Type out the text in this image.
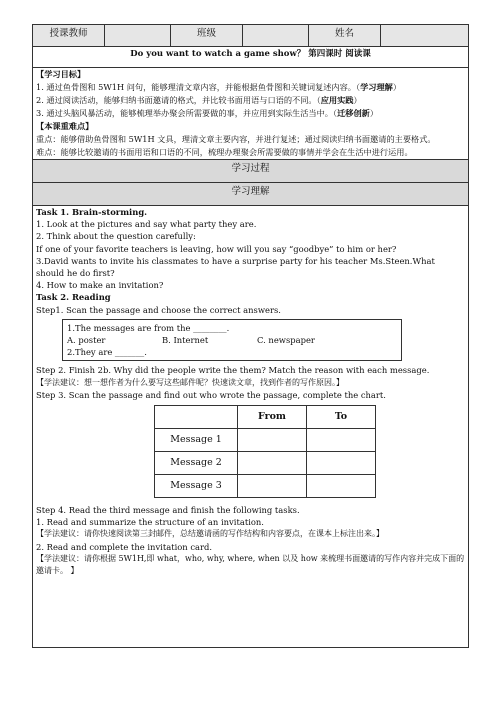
授课教师		班级		姓名	
Do you want to watch a game show？ 第四课时 阅读课

【学习目标】

1. 通过鱼骨图和 5W1H 问句，能够理清文章内容，并能根据鱼骨图和关键词复述内容。（学习理解）

2. 通过阅读活动，能够归纳书面邀请的格式，并比较书面用语与口语的不同。（应用实践）

3. 通过头脑风暴活动，能够梳理举办聚会所需要做的事，并应用到实际生活当中。（迁移创新）

【本课重难点】

重点：能够借助鱼骨图和 5W1H 文具，理清文章主要内容，并进行复述；通过阅读归纳书面邀请的主要格式。

难点：能够比较邀请的书面用语和口语的不同，梳理办理聚会所需要做的事情并学会在生活中进行运用。

学习过程
学习理解

Task 1. Brain-storming.

1. Look at the pictures and say what party they are.

2. Think about the question carefully:

If one of your favorite teachers is leaving, how will you say “goodbye” to him or her?

3.David wants to invite his classmates to have a surprise party for his teacher Ms.Steen.What should he do first?

4. How to make an invitation?

Task 2. Reading

Step1. Scan the passage and choose the correct answers.

1.The messages are from the ________.

A. poster	B. Internet	C. newspaper

2.They are _______.

Step 2. Finish 2b. Why did the people write the them? Match the reason with each message.

【学法建议：想一想作者为什么要写这些邮件呢？快速读文章，找到作者的写作原因。】

Step 3. Scan the passage and find out who wrote the passage, complete the chart.

	From	To
Message 1		
Message 2		
Message 3		

Step 4. Read the third message and finish the following tasks.

1. Read and summarize the structure of an invitation.

【学法建议：请你快速阅读第三封邮件，总结邀请函的写作结构和内容要点，在课本上标注出来。】

2. Read and complete the invitation card.

【学法建议：请你根据 5W1H,即 what，who, why, where, when 以及 how 来梳理书面邀请的写作内容并完成下面的邀请卡。 】
